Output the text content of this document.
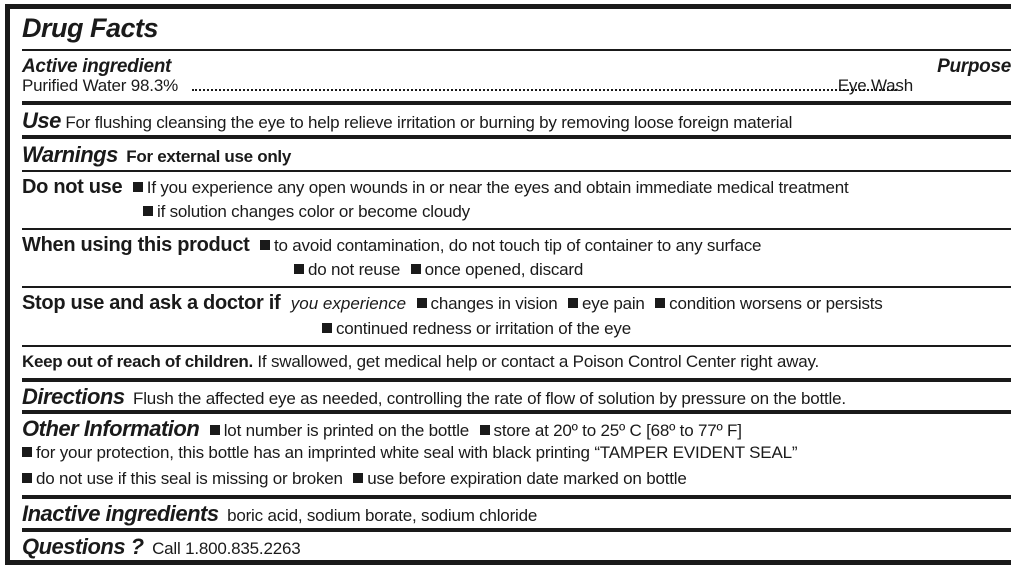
Drug Facts
Active ingredient	Purpose
Purified Water 98.3%	Eye Wash
Use For flushing cleansing the eye to help relieve irritation or burning by removing loose foreign material
Warnings For external use only
Do not use If you experience any open wounds in or near the eyes and obtain immediate medical treatment
if solution changes color or become cloudy
When using this product to avoid contamination, do not touch tip of container to any surface
do not reuse once opened, discard
Stop use and ask a doctor if you experience changes in vision eye pain condition worsens or persists
continued redness or irritation of the eye
Keep out of reach of children. If swallowed, get medical help or contact a Poison Control Center right away.
Directions Flush the affected eye as needed, controlling the rate of flow of solution by pressure on the bottle.
Other Information lot number is printed on the bottle store at 20º to 25º C [68º to 77º F]
for your protection, this bottle has an imprinted white seal with black printing “TAMPER EVIDENT SEAL”
do not use if this seal is missing or broken use before expiration date marked on bottle
Inactive ingredients boric acid, sodium borate, sodium chloride
Questions ? Call 1.800.835.2263
